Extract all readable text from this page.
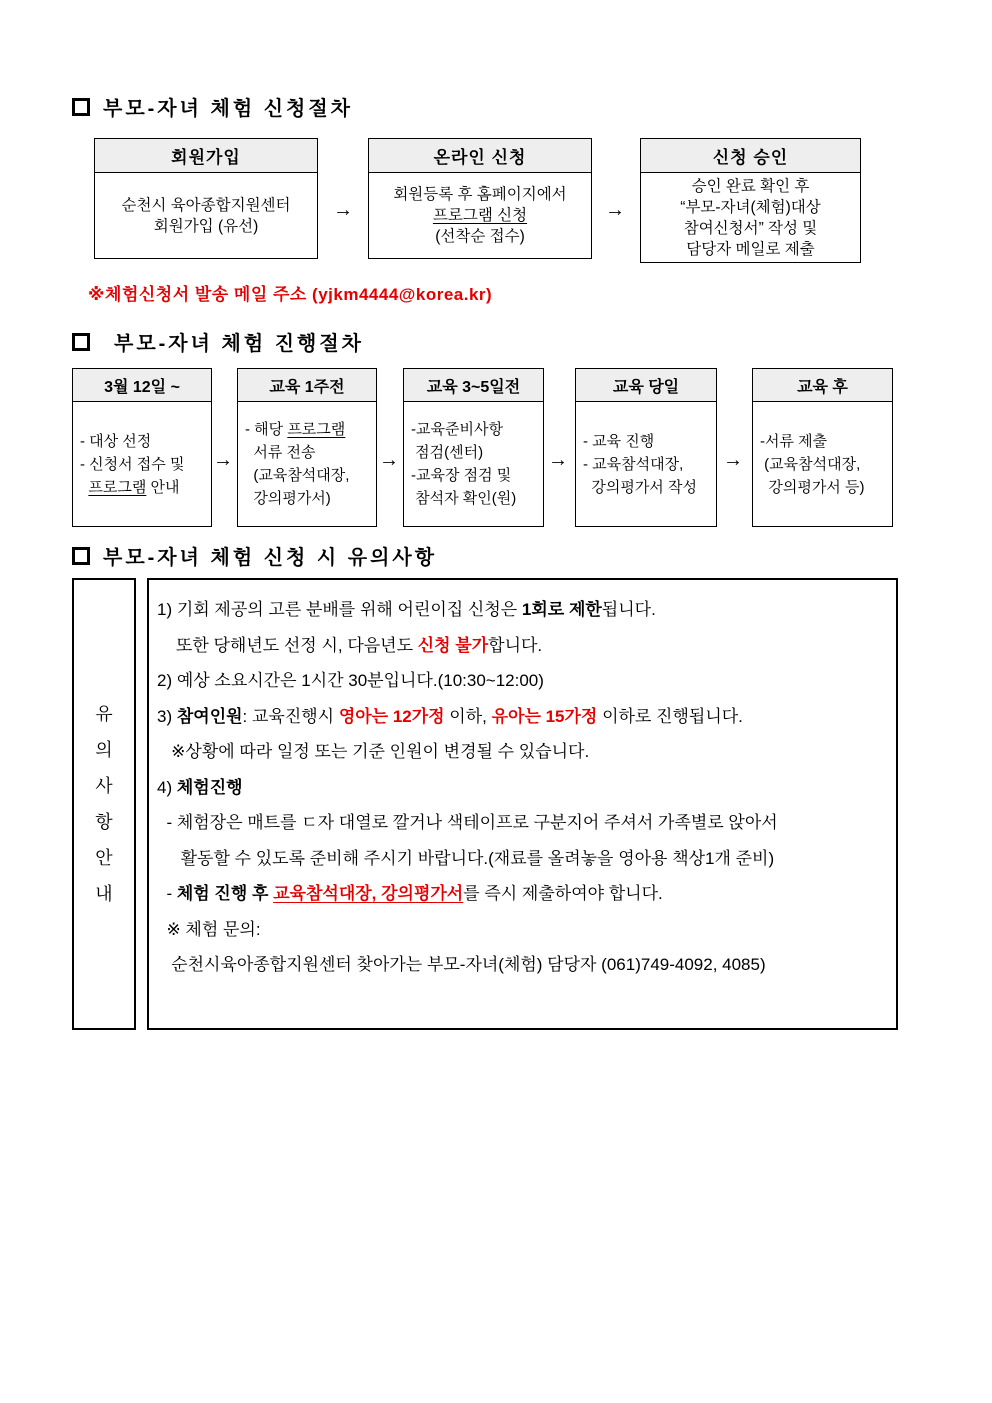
부모-자녀 체험 신청절차
회원가입
순천시 육아종합지원센터
회원가입 (유선)
→
온라인 신청
회원등록 후 홈페이지에서
프로그램 신청
(선착순 접수)
→
신청 승인
승인 완료 확인 후
“부모-자녀(체험)대상
참여신청서” 작성 및
담당자 메일로 제출
※체험신청서 발송 메일 주소 (yjkm4444@korea.kr)
부모-자녀 체험 진행절차
3월 12일 ~
- 대상 선정
- 신청서 접수 및
프로그램 안내
→
교육 1주전
- 해당 프로그램
서류 전송
(교육참석대장,
강의평가서)
→
교육 3~5일전
-교육준비사항
점검(센터)
-교육장 점검 및
참석자 확인(원)
→
교육 당일
- 교육 진행
- 교육참석대장,
강의평가서 작성
→
교육 후
-서류 제출
(교육참석대장,
강의평가서 등)
부모-자녀 체험 신청 시 유의사항
유
의
사
항
안
내
1) 기회 제공의 고른 분배를 위해 어린이집 신청은 1회로 제한됩니다.
또한 당해년도 선정 시, 다음년도 신청 불가합니다.
2) 예상 소요시간은 1시간 30분입니다.(10:30~12:00)
3) 참여인원: 교육진행시 영아는 12가정 이하, 유아는 15가정 이하로 진행됩니다.
※상황에 따라 일정 또는 기준 인원이 변경될 수 있습니다.
4) 체험진행
- 체험장은 매트를 ㄷ자 대열로 깔거나 색테이프로 구분지어 주셔서 가족별로 앉아서
활동할 수 있도록 준비해 주시기 바랍니다.(재료를 올려놓을 영아용 책상1개 준비)
- 체험 진행 후 교육참석대장, 강의평가서를 즉시 제출하여야 합니다.
※ 체험 문의:
순천시육아종합지원센터 찾아가는 부모-자녀(체험) 담당자 (061)749-4092, 4085)
